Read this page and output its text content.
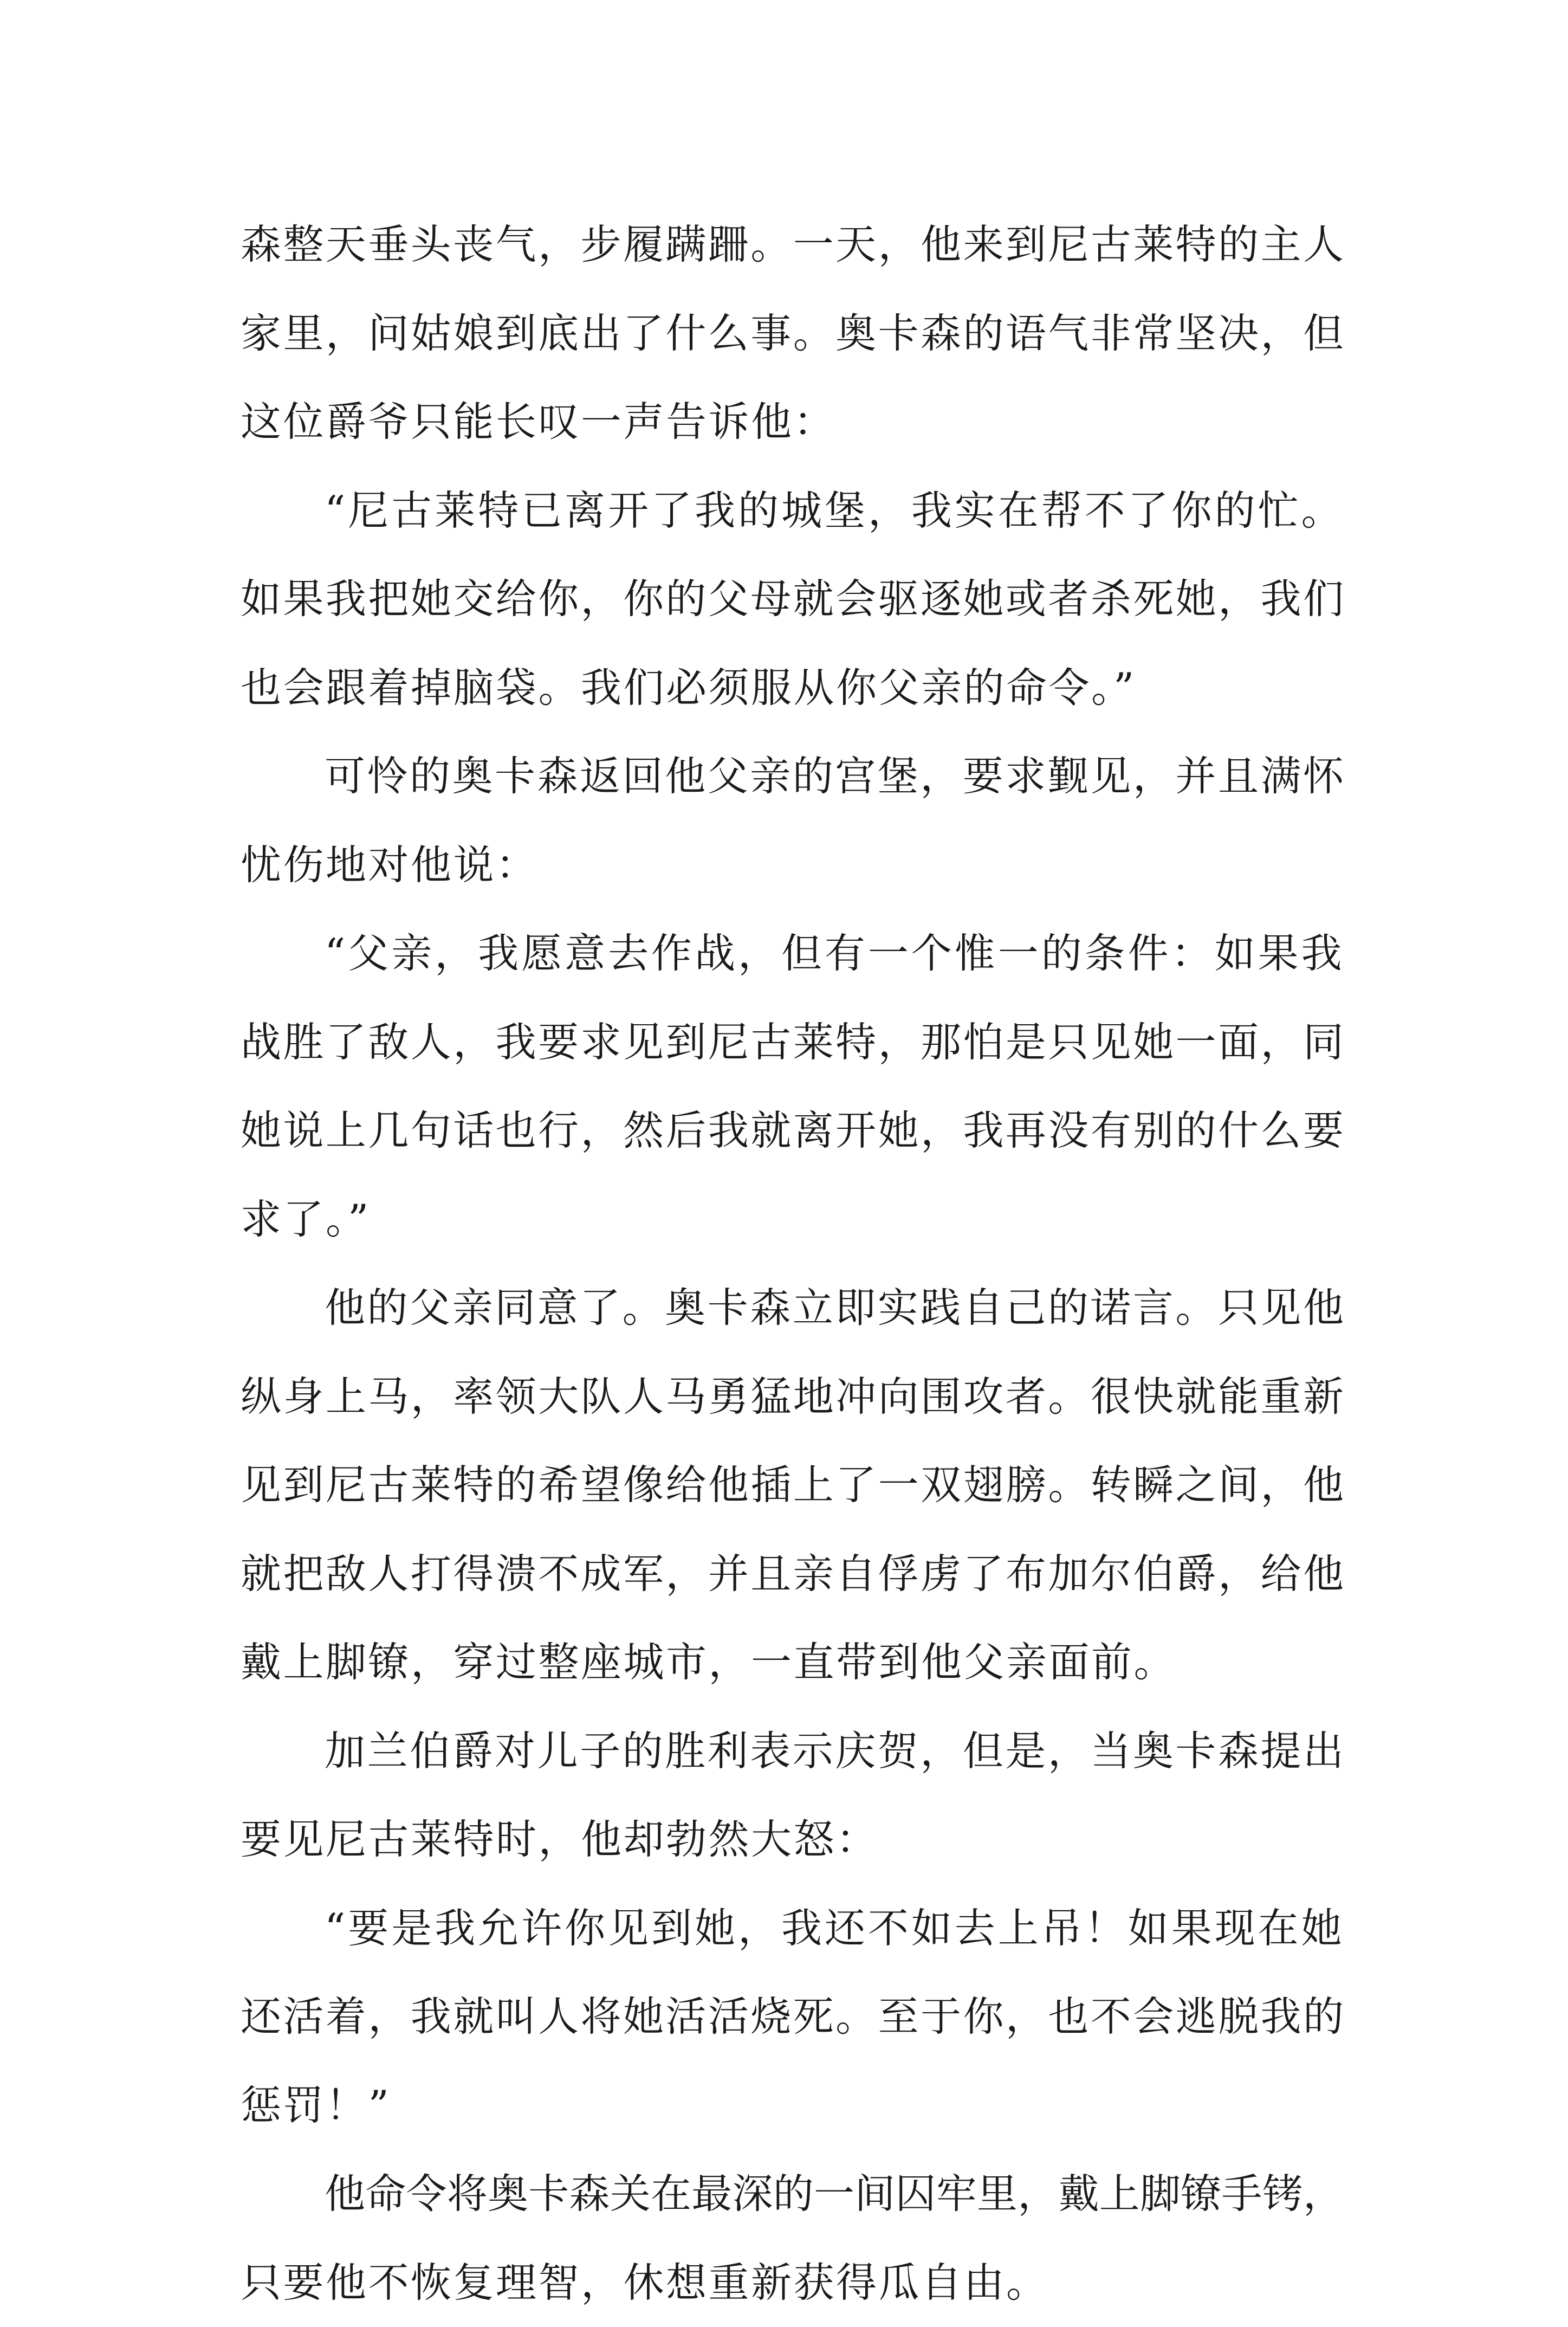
森整天垂头丧气，步履蹒跚。一天，他来到尼古莱特的主人
家里，问姑娘到底出了什么事。奥卡森的语气非常坚决，但
这位爵爷只能长叹一声告诉他：
“尼古莱特已离开了我的城堡，我实在帮不了你的忙。
如果我把她交给你，你的父母就会驱逐她或者杀死她，我们
也会跟着掉脑袋。我们必须服从你父亲的命令。”
可怜的奥卡森返回他父亲的宫堡，要求觐见，并且满怀
忧伤地对他说：
“父亲，我愿意去作战，但有一个惟一的条件：如果我
战胜了敌人，我要求见到尼古莱特，那怕是只见她一面，同
她说上几句话也行，然后我就离开她，我再没有别的什么要
求了。”
他的父亲同意了。奥卡森立即实践自己的诺言。只见他
纵身上马，率领大队人马勇猛地冲向围攻者。很快就能重新
见到尼古莱特的希望像给他插上了一双翅膀。转瞬之间，他
就把敌人打得溃不成军，并且亲自俘虏了布加尔伯爵，给他
戴上脚镣，穿过整座城市，一直带到他父亲面前。
加兰伯爵对儿子的胜利表示庆贺，但是，当奥卡森提出
要见尼古莱特时，他却勃然大怒：
“要是我允许你见到她，我还不如去上吊！如果现在她
还活着，我就叫人将她活活烧死。至于你，也不会逃脱我的
惩罚！”
他命令将奥卡森关在最深的一间囚牢里，戴上脚镣手铐，
只要他不恢复理智，休想重新获得瓜自由。
